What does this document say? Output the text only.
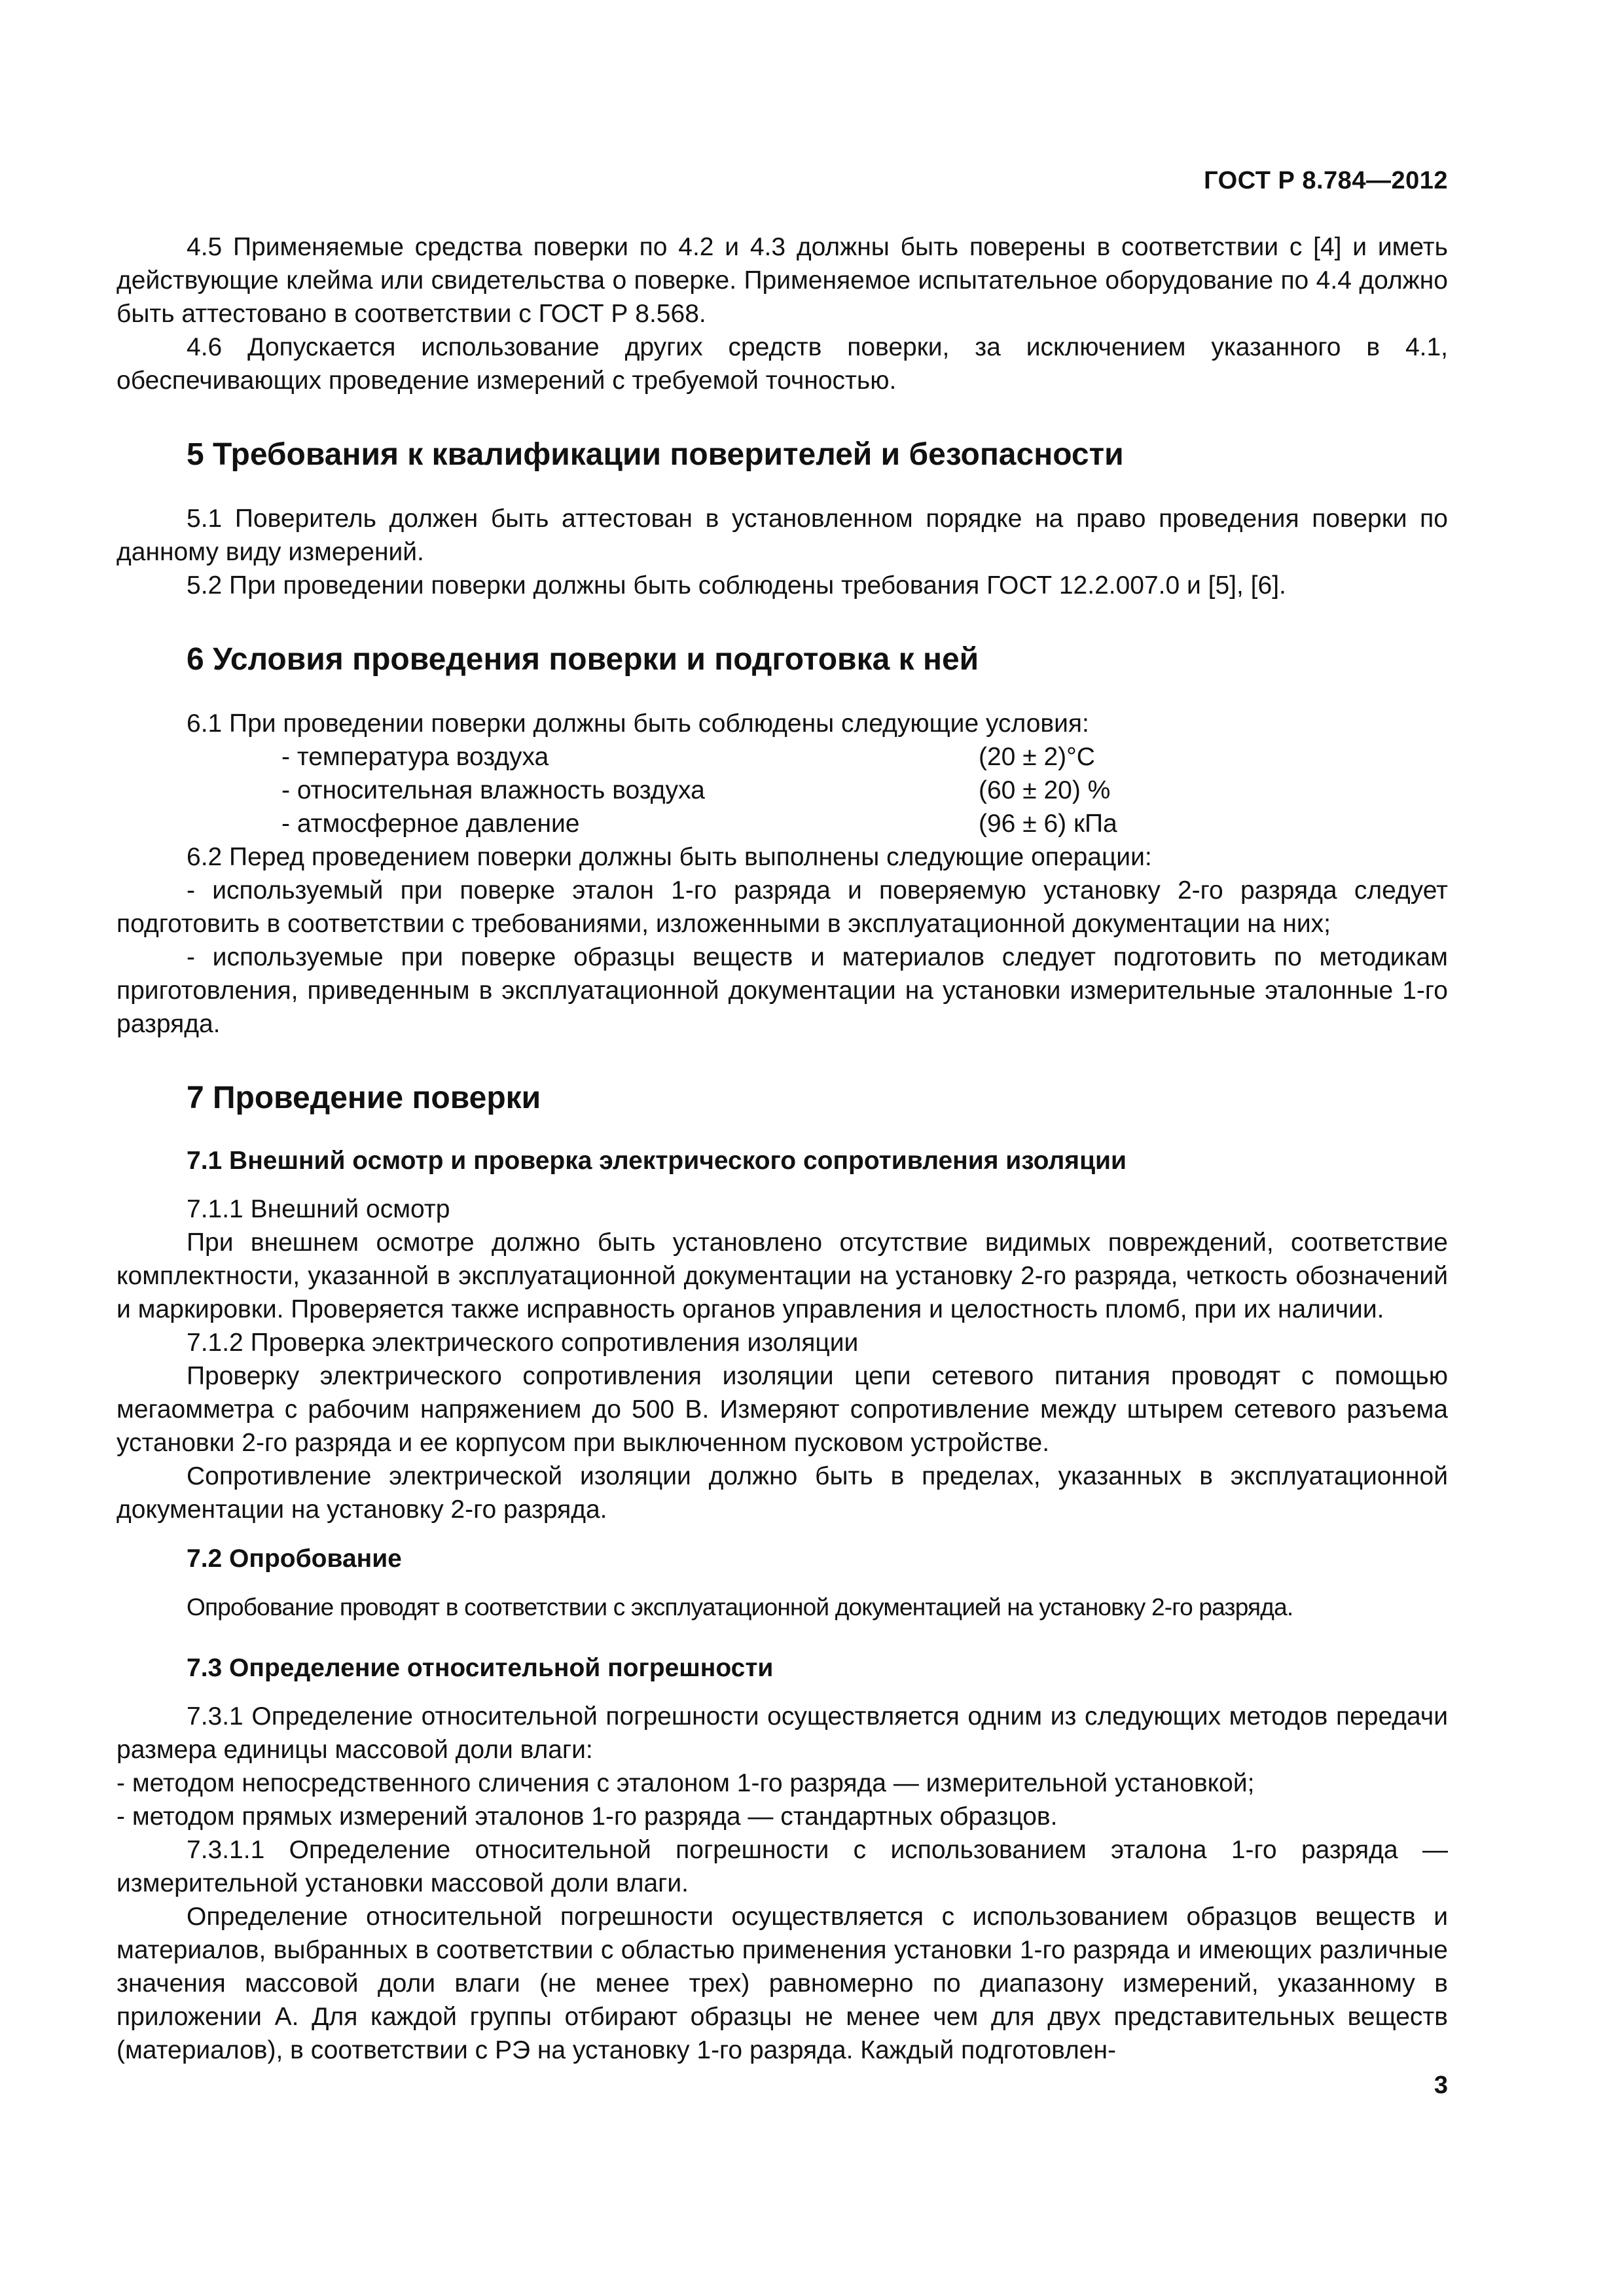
ГОСТ Р 8.784—2012

4.5 Применяемые средства поверки по 4.2 и 4.3 должны быть поверены в соответствии с [4] и иметь действующие клейма или свидетельства о поверке. Применяемое испытательное оборудование по 4.4 должно быть аттестовано в соответствии с ГОСТ Р 8.568.

4.6 Допускается использование других средств поверки, за исключением указанного в 4.1, обеспечивающих проведение измерений с требуемой точностью.

5 Требования к квалификации поверителей и безопасности

5.1 Поверитель должен быть аттестован в установленном порядке на право проведения поверки по данному виду измерений.

5.2 При проведении поверки должны быть соблюдены требования ГОСТ 12.2.007.0 и [5], [6].

6 Условия проведения поверки и подготовка к ней

6.1 При проведении поверки должны быть соблюдены следующие условия:

- температура воздуха	(20 ± 2)°С
- относительная влажность воздуха	(60 ± 20) %
- атмосферное давление	(96 ± 6) кПа

6.2 Перед проведением поверки должны быть выполнены следующие операции:

- используемый при поверке эталон 1-го разряда и поверяемую установку 2-го разряда следует подготовить в соответствии с требованиями, изложенными в эксплуатационной документации на них;

- используемые при поверке образцы веществ и материалов следует подготовить по методикам приготовления, приведенным в эксплуатационной документации на установки измерительные эталонные 1-го разряда.

7 Проведение поверки
7.1 Внешний осмотр и проверка электрического сопротивления изоляции

7.1.1 Внешний осмотр

При внешнем осмотре должно быть установлено отсутствие видимых повреждений, соответствие комплектности, указанной в эксплуатационной документации на установку 2-го разряда, четкость обозначений и маркировки. Проверяется также исправность органов управления и целостность пломб, при их наличии.

7.1.2 Проверка электрического сопротивления изоляции

Проверку электрического сопротивления изоляции цепи сетевого питания проводят с помощью мегаомметра с рабочим напряжением до 500 В. Измеряют сопротивление между штырем сетевого разъема установки 2-го разряда и ее корпусом при выключенном пусковом устройстве.

Сопротивление электрической изоляции должно быть в пределах, указанных в эксплуатационной документации на установку 2-го разряда.

7.2 Опробование

Опробование проводят в соответствии с эксплуатационной документацией на установку 2-го разряда.

7.3 Определение относительной погрешности

7.3.1 Определение относительной погрешности осуществляется одним из следующих методов передачи размера единицы массовой доли влаги:

- методом непосредственного сличения с эталоном 1-го разряда — измерительной установкой;

- методом прямых измерений эталонов 1-го разряда — стандартных образцов.

7.3.1.1 Определение относительной погрешности с использованием эталона 1-го разряда — измерительной установки массовой доли влаги.

Определение относительной погрешности осуществляется с использованием образцов веществ и материалов, выбранных в соответствии с областью применения установки 1-го разряда и имеющих различные значения массовой доли влаги (не менее трех) равномерно по диапазону измерений, указанному в приложении А. Для каждой группы отбирают образцы не менее чем для двух представительных веществ (материалов), в соответствии с РЭ на установку 1-го разряда. Каждый подготовлен-

3
